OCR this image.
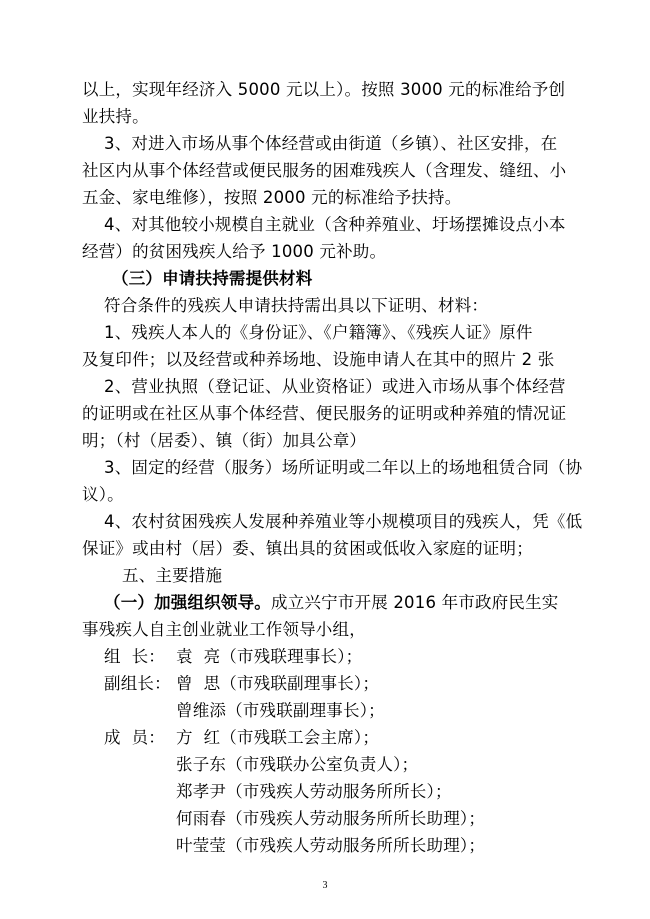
以上，实现年经济入 5000 元以上）。按照 3000 元的标准给予创
业扶持。
3、对进入市场从事个体经营或由街道（乡镇）、社区安排，在
社区内从事个体经营或便民服务的困难残疾人（含理发、缝纽、小
五金、家电维修），按照 2000 元的标准给予扶持。
4、对其他较小规模自主就业（含种养殖业、圩场摆摊设点小本
经营）的贫困残疾人给予 1000 元补助。
（三）申请扶持需提供材料
符合条件的残疾人申请扶持需出具以下证明、材料：
1、残疾人本人的《身份证》、《户籍簿》、《残疾人证》原件
及复印件；以及经营或种养场地、设施申请人在其中的照片 2 张
2、营业执照（登记证、从业资格证）或进入市场从事个体经营
的证明或在社区从事个体经营、便民服务的证明或种养殖的情况证
明；（村（居委）、镇（街）加具公章）
3、固定的经营（服务）场所证明或二年以上的场地租赁合同（协
议）。
4、农村贫困残疾人发展种养殖业等小规模项目的残疾人，凭《低
保证》或由村（居）委、镇出具的贫困或低收入家庭的证明；
五、主要措施
（一）加强组织领导。成立兴宁市开展 2016 年市政府民生实
事残疾人自主创业就业工作领导小组，
组  长： 袁  亮（市残联理事长）；
副组长： 曾  思（市残联副理事长）；
曾维添（市残联副理事长）；
成  员： 方  红（市残联工会主席）；
张子东（市残联办公室负责人）；
郑孝尹（市残疾人劳动服务所所长）；
何雨春（市残疾人劳动服务所所长助理）；
叶莹莹（市残疾人劳动服务所所长助理）；
3
